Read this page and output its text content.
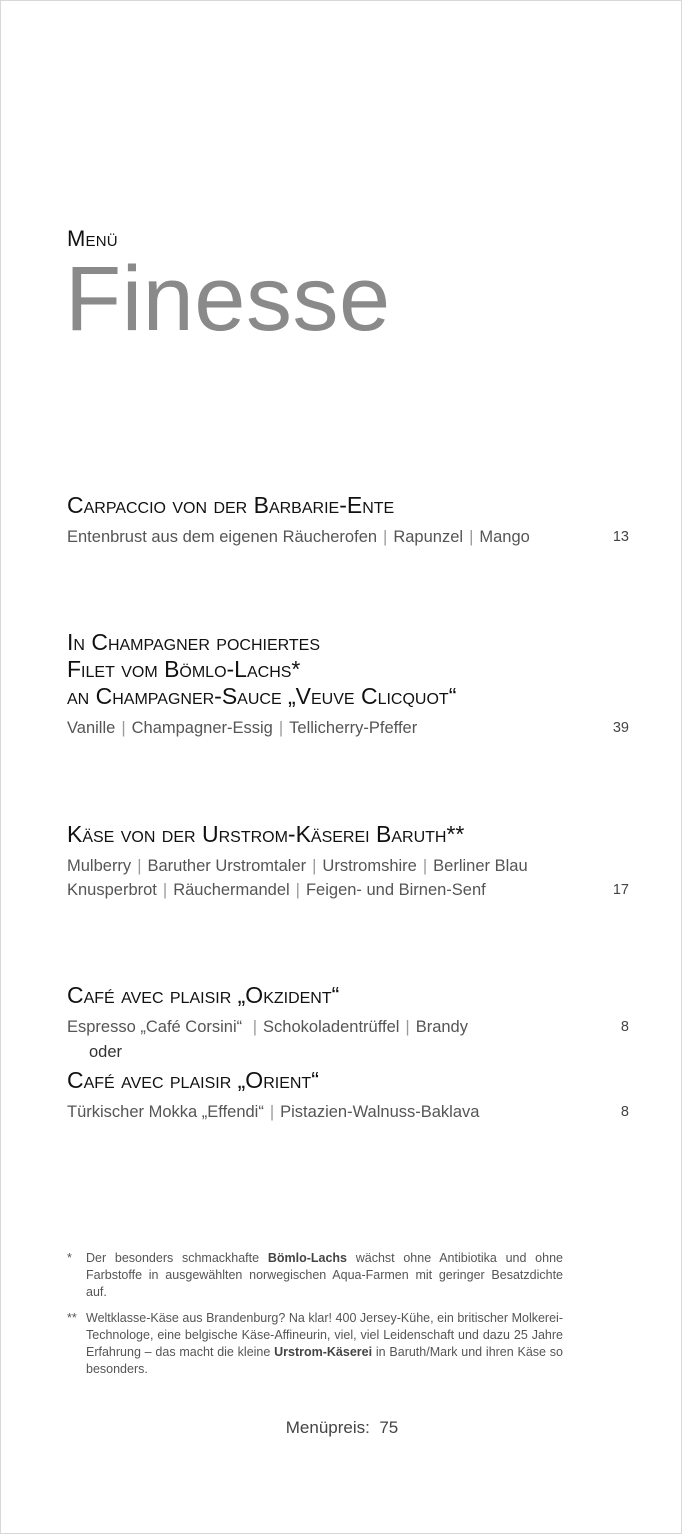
Menü
Finesse
Carpaccio von der Barbarie-Ente
Entenbrust aus dem eigenen Räucherofen | Rapunzel | Mango	13
In Champagner pochiertes
Filet vom Bömlo-Lachs*
an Champagner-Sauce „Veuve Clicquot“
Vanille | Champagner-Essig | Tellicherry-Pfeffer	39
Käse von der Urstrom-Käserei Baruth**
Mulberry | Baruther Urstromtaler | Urstromshire | Berliner Blau
Knusperbrot | Räuchermandel | Feigen- und Birnen-Senf	17
Café avec plaisir „Okzident“
Espresso „Café Corsini“ | Schokoladentrüffel | Brandy	8
oder
Café avec plaisir „Orient“
Türkischer Mokka „Effendi“ | Pistazien-Walnuss-Baklava	8
*	Der besonders schmackhafte Bömlo-Lachs wächst ohne Antibiotika und ohne Farbstoffe in ausgewählten norwegischen Aqua-Farmen mit geringer Besatzdichte auf.
** Weltklasse-Käse aus Brandenburg? Na klar! 400 Jersey-Kühe, ein britischer Molkerei-Technologe, eine belgische Käse-Affineurin, viel, viel Leidenschaft und dazu 25 Jahre Erfahrung – das macht die kleine Urstrom-Käserei in Baruth/Mark und ihren Käse so besonders.
Menüpreis: 75
